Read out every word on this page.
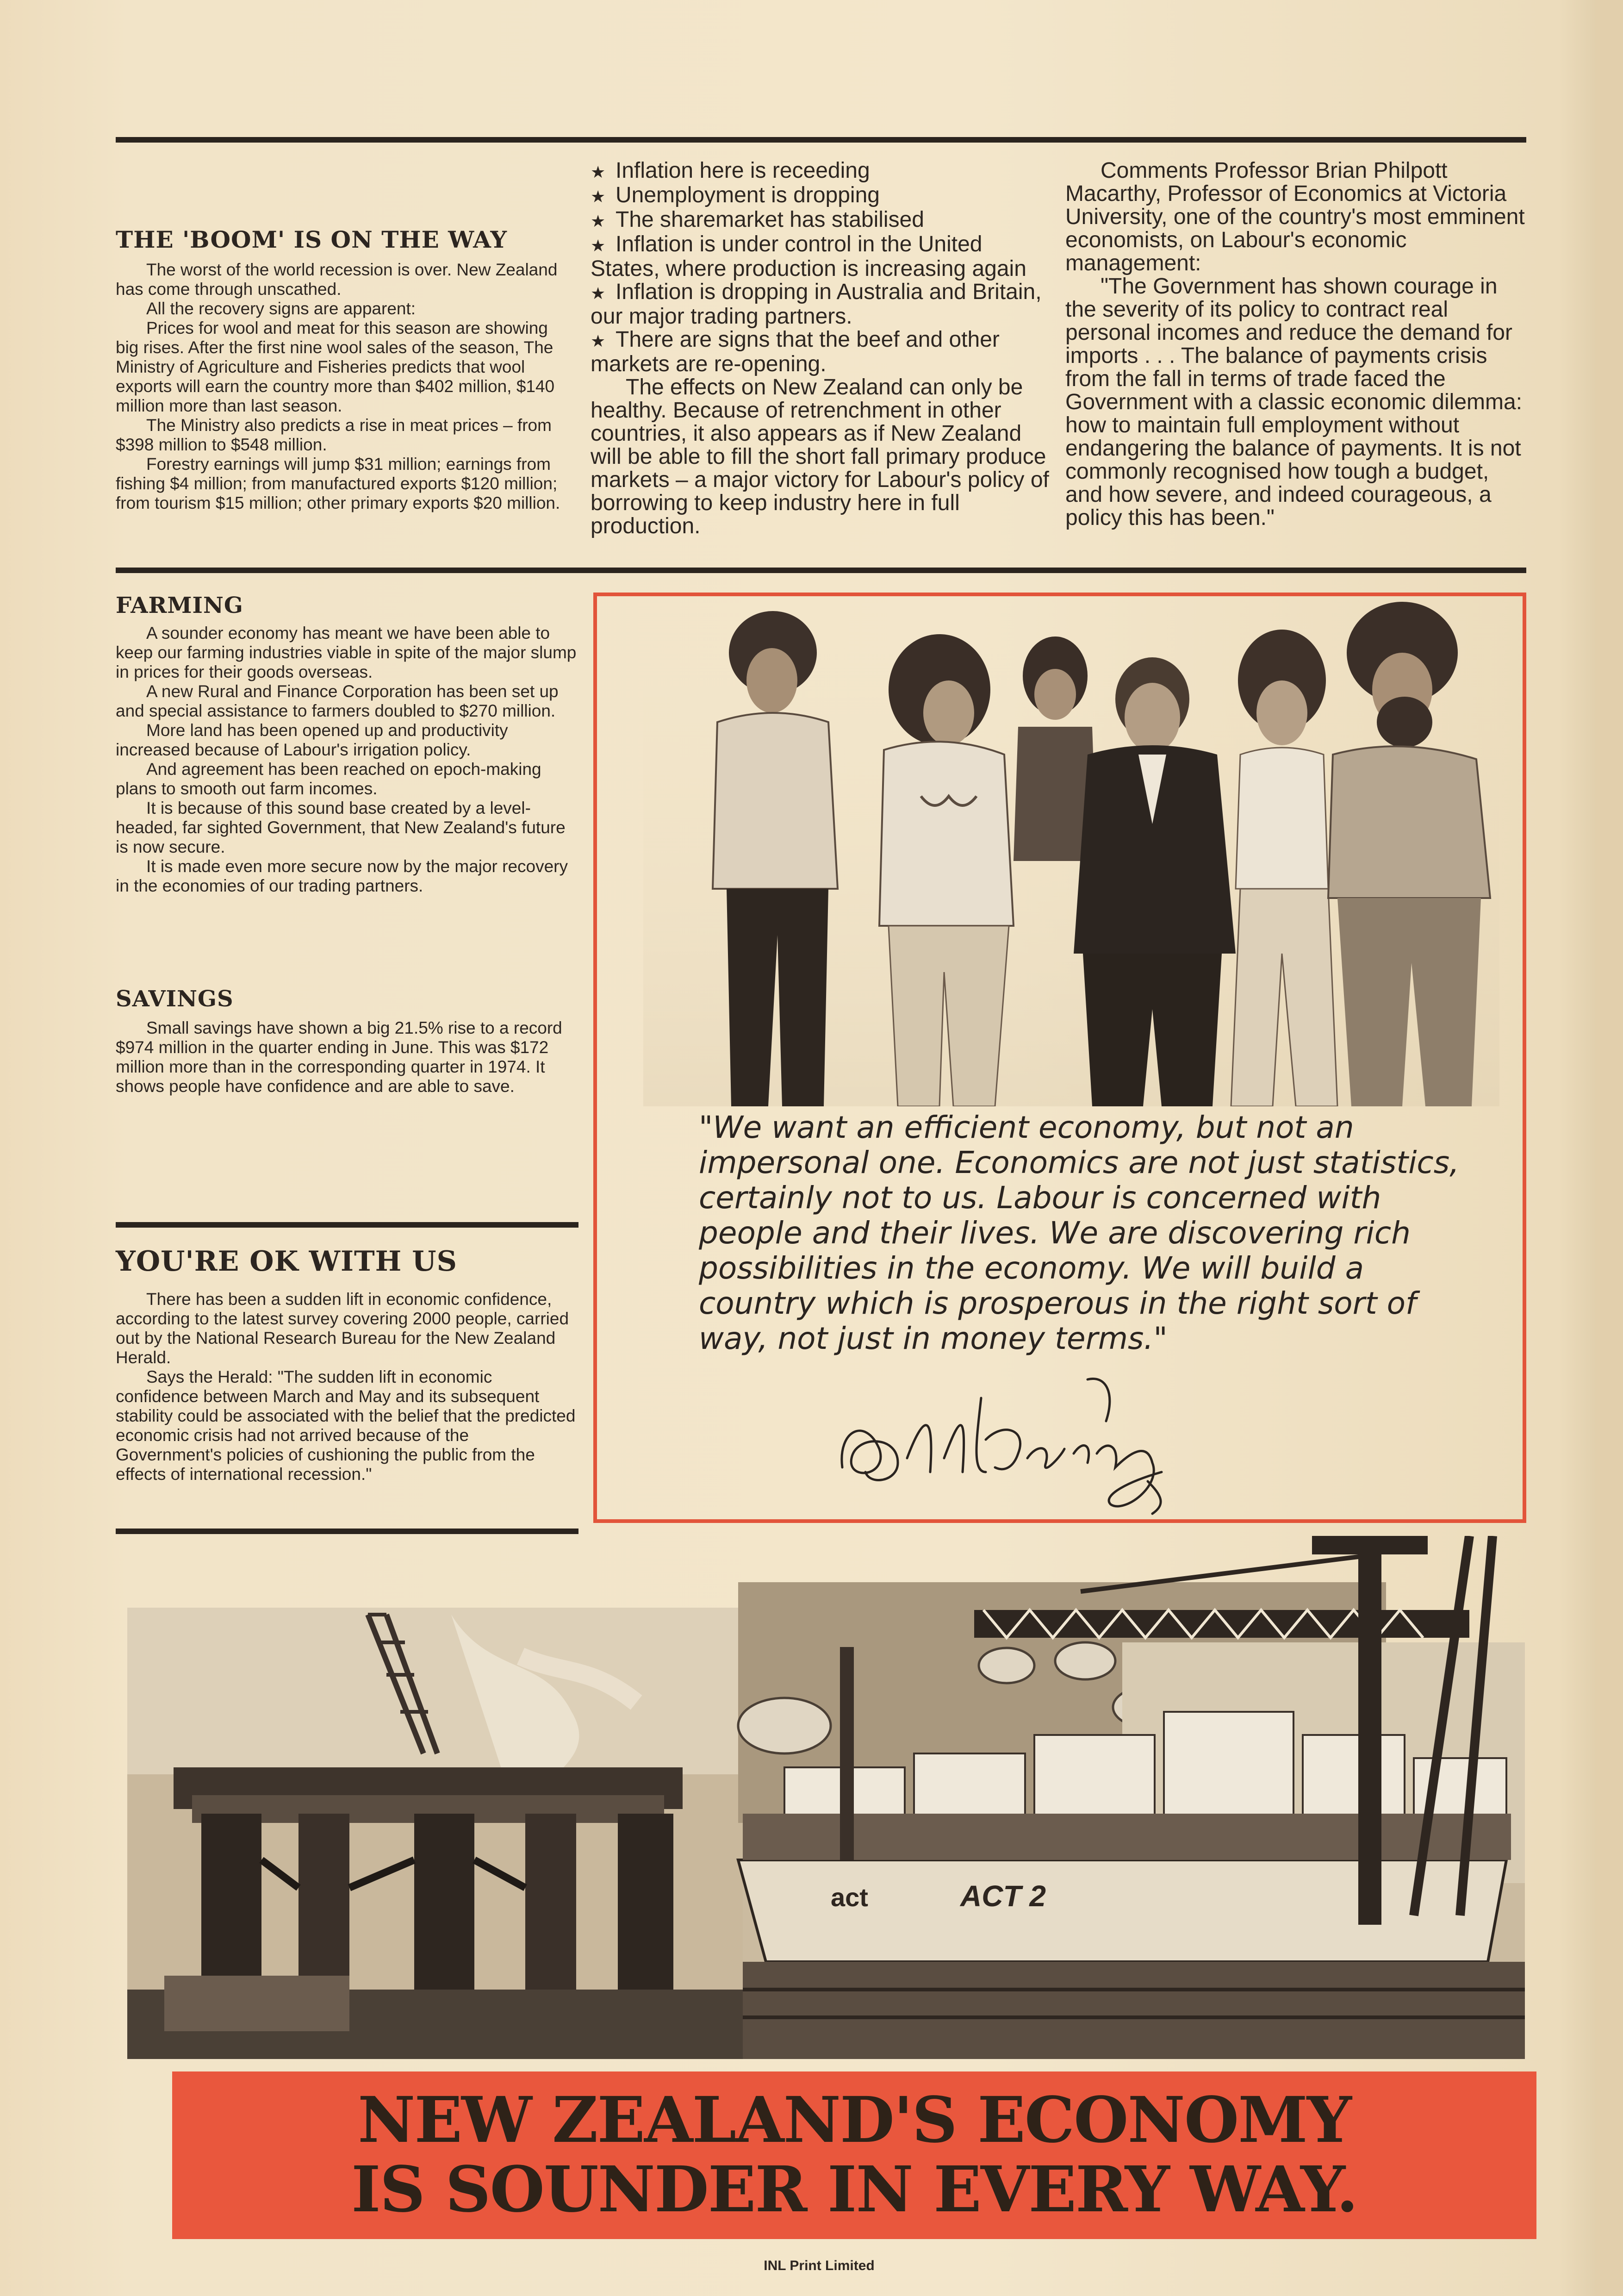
THE 'BOOM' IS ON THE WAY

The worst of the world recession is over. New Zealand has come through unscathed.

All the recovery signs are apparent:

Prices for wool and meat for this season are showing big rises. After the first nine wool sales of the season, The Ministry of Agriculture and Fisheries predicts that wool exports will earn the country more than $402 million, $140 million more than last season.

The Ministry also predicts a rise in meat prices – from $398 million to $548 million.

Forestry earnings will jump $31 million; earnings from fishing $4 million; from manufactured exports $120 million; from tourism $15 million; other primary exports $20 million.

★ Inflation here is receeding

★ Unemployment is dropping

★ The sharemarket has stabilised

★ Inflation is under control in the United States, where production is increasing again

★ Inflation is dropping in Australia and Britain, our major trading partners.

★ There are signs that the beef and other markets are re-opening.

The effects on New Zealand can only be healthy. Because of retrenchment in other countries, it also appears as if New Zealand will be able to fill the short fall primary produce markets – a major victory for Labour's policy of borrowing to keep industry here in full production.

Comments Professor Brian Philpott Macarthy, Professor of Economics at Victoria University, one of the country's most emminent economists, on Labour's economic management:

"The Government has shown courage in the severity of its policy to contract real personal incomes and reduce the demand for imports . . . The balance of payments crisis from the fall in terms of trade faced the Government with a classic economic dilemma: how to maintain full employment without endangering the balance of payments. It is not commonly recognised how tough a budget, and how severe, and indeed courageous, a policy this has been."

FARMING

A sounder economy has meant we have been able to keep our farming industries viable in spite of the major slump in prices for their goods overseas.

A new Rural and Finance Corporation has been set up and special assistance to farmers doubled to $270 million.

More land has been opened up and productivity increased because of Labour's irrigation policy.

And agreement has been reached on epoch-making plans to smooth out farm incomes.

It is because of this sound base created by a level-headed, far sighted Government, that New Zealand's future is now secure.

It is made even more secure now by the major recovery in the economies of our trading partners.

SAVINGS

Small savings have shown a big 21.5% rise to a record $974 million in the quarter ending in June. This was $172 million more than in the corresponding quarter in 1974. It shows people have confidence and are able to save.

YOU'RE OK WITH US

There has been a sudden lift in economic confidence, according to the latest survey covering 2000 people, carried out by the National Research Bureau for the New Zealand Herald.

Says the Herald: "The sudden lift in economic confidence between March and May and its subsequent stability could be associated with the belief that the predicted economic crisis had not arrived because of the Government's policies of cushioning the public from the effects of international recession."

"We want an efficient economy, but not an impersonal one. Economics are not just statistics, certainly not to us. Labour is concerned with people and their lives. We are discovering rich possibilities in the economy. We will build a country which is prosperous in the right sort of way, not just in money terms."

act	ACT 2

NEW ZEALAND'S ECONOMY

IS SOUNDER IN EVERY WAY.

INL Print Limited
